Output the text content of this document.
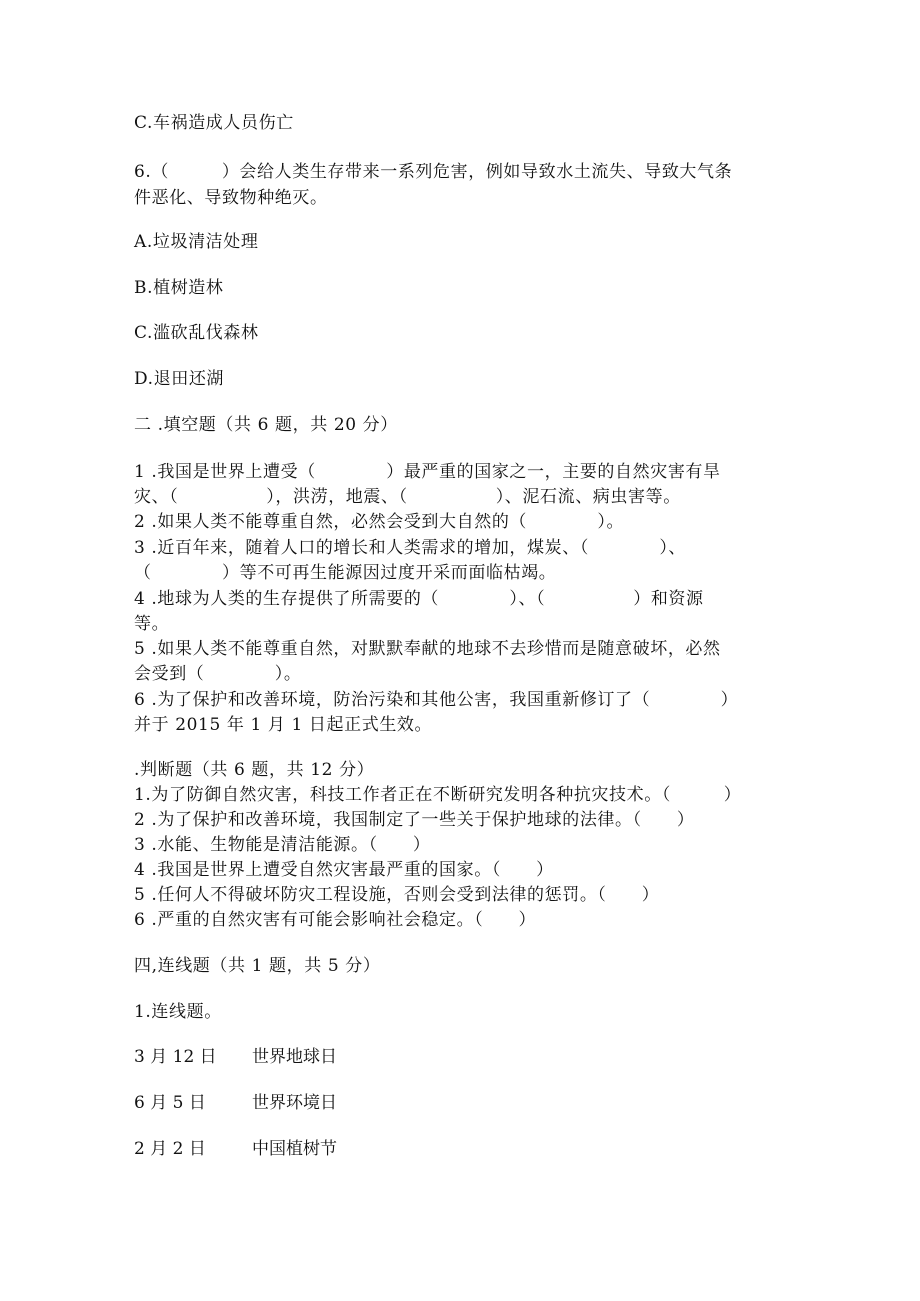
C.车祸造成人员伤亡
6.（　　　）会给人类生存带来一系列危害，例如导致水土流失、导致大气条
件恶化、导致物种绝灭。
A.垃圾清洁处理
B.植树造林
C.滥砍乱伐森林
D.退田还湖
二 .填空题（共 6 题，共 20 分）
1 .我国是世界上遭受（　　　　）最严重的国家之一，主要的自然灾害有旱
灾、（　　　　　），洪涝，地震、（　　　　　）、泥石流、病虫害等。
2 .如果人类不能尊重自然，必然会受到大自然的（　　　　）。
3 .近百年来，随着人口的增长和人类需求的增加，煤炭、（　　　　）、
（　　　　）等不可再生能源因过度开采而面临枯竭。
4 .地球为人类的生存提供了所需要的（　　　　）、（　　　　　）和资源
等。
5 .如果人类不能尊重自然，对默默奉献的地球不去珍惜而是随意破坏，必然
会受到（　　　　）。
6 .为了保护和改善环境，防治污染和其他公害，我国重新修订了（　　　　）
并于 2015 年 1 月 1 日起正式生效。
.判断题（共 6 题，共 12 分）
1.为了防御自然灾害，科技工作者正在不断研究发明各种抗灾技术。（　　　）
2 .为了保护和改善环境，我国制定了一些关于保护地球的法律。（　　）
3 .水能、生物能是清洁能源。（　　）
4 .我国是世界上遭受自然灾害最严重的国家。（　　）
5 .任何人不得破坏防灾工程设施，否则会受到法律的惩罚。（　　）
6 .严重的自然灾害有可能会影响社会稳定。（　　）
四,连线题（共 1 题，共 5 分）
1.连线题。
3 月 12 日 世界地球日
6 月 5 日	世界环境日
2 月 2 日	中国植树节
